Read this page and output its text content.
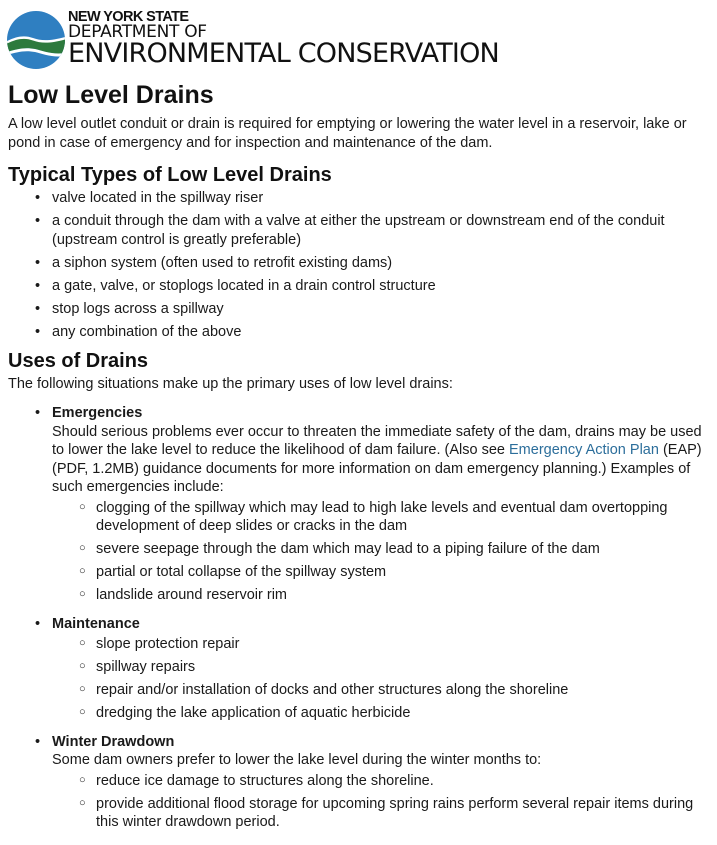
NEW YORK STATE
DEPARTMENT OF
ENVIRONMENTAL CONSERVATION
Low Level Drains

A low level outlet conduit or drain is required for emptying or lowering the water level in a reservoir, lake or pond in case of emergency and for inspection and maintenance of the dam.

Typical Types of Low Level Drains
• valve located in the spillway riser
• a conduit through the dam with a valve at either the upstream or downstream end of the conduit (upstream control is greatly preferable)
• a siphon system (often used to retrofit existing dams)
• a gate, valve, or stoplogs located in a drain control structure
• stop logs across a spillway
• any combination of the above
Uses of Drains

The following situations make up the primary uses of low level drains:

• Emergencies
Should serious problems ever occur to threaten the immediate safety of the dam, drains may be used to lower the lake level to reduce the likelihood of dam failure. (Also see Emergency Action Plan (EAP) (PDF, 1.2MB) guidance documents for more information on dam emergency planning.) Examples of such emergencies include:
○ clogging of the spillway which may lead to high lake levels and eventual dam overtopping development of deep slides or cracks in the dam
○ severe seepage through the dam which may lead to a piping failure of the dam
○ partial or total collapse of the spillway system
○ landslide around reservoir rim
• Maintenance
○ slope protection repair
○ spillway repairs
○ repair and/or installation of docks and other structures along the shoreline
○ dredging the lake application of aquatic herbicide
• Winter Drawdown
Some dam owners prefer to lower the lake level during the winter months to:
○ reduce ice damage to structures along the shoreline.
○ provide additional flood storage for upcoming spring rains perform several repair items during this winter drawdown period.
